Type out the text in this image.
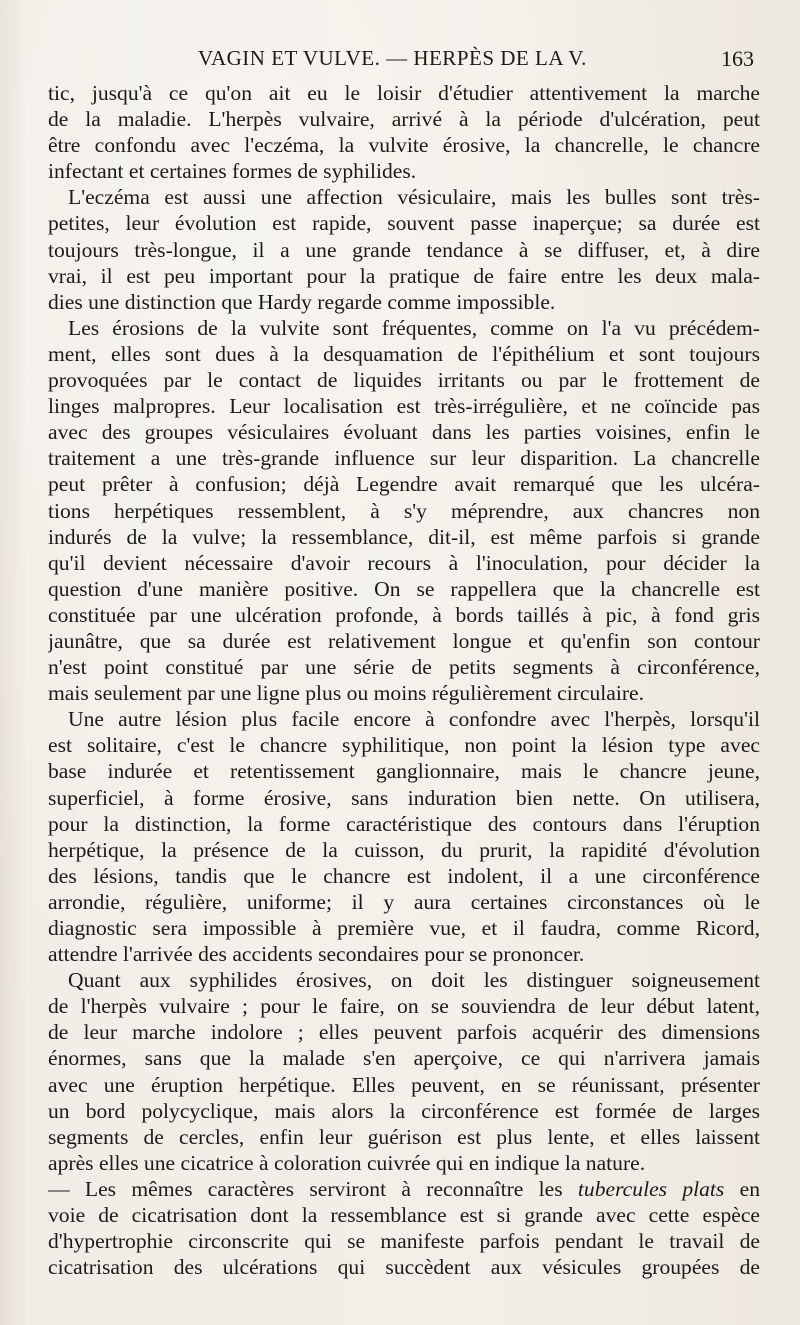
VAGIN ET VULVE. — HERPÈS DE LA V.	163
tic, jusqu'à ce qu'on ait eu le loisir d'étudier attentivement la marche
de la maladie. L'herpès vulvaire, arrivé à la période d'ulcération, peut
être confondu avec l'eczéma, la vulvite érosive, la chancrelle, le chancre
infectant et certaines formes de syphilides.
L'eczéma est aussi une affection vésiculaire, mais les bulles sont très-
petites, leur évolution est rapide, souvent passe inaperçue; sa durée est
toujours très-longue, il a une grande tendance à se diffuser, et, à dire
vrai, il est peu important pour la pratique de faire entre les deux mala-
dies une distinction que Hardy regarde comme impossible.
Les érosions de la vulvite sont fréquentes, comme on l'a vu précédem-
ment, elles sont dues à la desquamation de l'épithélium et sont toujours
provoquées par le contact de liquides irritants ou par le frottement de
linges malpropres. Leur localisation est très-irrégulière, et ne coïncide pas
avec des groupes vésiculaires évoluant dans les parties voisines, enfin le
traitement a une très-grande influence sur leur disparition. La chancrelle
peut prêter à confusion; déjà Legendre avait remarqué que les ulcéra-
tions herpétiques ressemblent, à s'y méprendre, aux chancres non
indurés de la vulve; la ressemblance, dit-il, est même parfois si grande
qu'il devient nécessaire d'avoir recours à l'inoculation, pour décider la
question d'une manière positive. On se rappellera que la chancrelle est
constituée par une ulcération profonde, à bords taillés à pic, à fond gris
jaunâtre, que sa durée est relativement longue et qu'enfin son contour
n'est point constitué par une série de petits segments à circonférence,
mais seulement par une ligne plus ou moins régulièrement circulaire.
Une autre lésion plus facile encore à confondre avec l'herpès, lorsqu'il
est solitaire, c'est le chancre syphilitique, non point la lésion type avec
base indurée et retentissement ganglionnaire, mais le chancre jeune,
superficiel, à forme érosive, sans induration bien nette. On utilisera,
pour la distinction, la forme caractéristique des contours dans l'éruption
herpétique, la présence de la cuisson, du prurit, la rapidité d'évolution
des lésions, tandis que le chancre est indolent, il a une circonférence
arrondie, régulière, uniforme; il y aura certaines circonstances où le
diagnostic sera impossible à première vue, et il faudra, comme Ricord,
attendre l'arrivée des accidents secondaires pour se prononcer.
Quant aux syphilides érosives, on doit les distinguer soigneusement
de l'herpès vulvaire ; pour le faire, on se souviendra de leur début latent,
de leur marche indolore ; elles peuvent parfois acquérir des dimensions
énormes, sans que la malade s'en aperçoive, ce qui n'arrivera jamais
avec une éruption herpétique. Elles peuvent, en se réunissant, présenter
un bord polycyclique, mais alors la circonférence est formée de larges
segments de cercles, enfin leur guérison est plus lente, et elles laissent
après elles une cicatrice à coloration cuivrée qui en indique la nature.
— Les mêmes caractères serviront à reconnaître les tubercules plats en
voie de cicatrisation dont la ressemblance est si grande avec cette espèce
d'hypertrophie circonscrite qui se manifeste parfois pendant le travail de
cicatrisation des ulcérations qui succèdent aux vésicules groupées de
